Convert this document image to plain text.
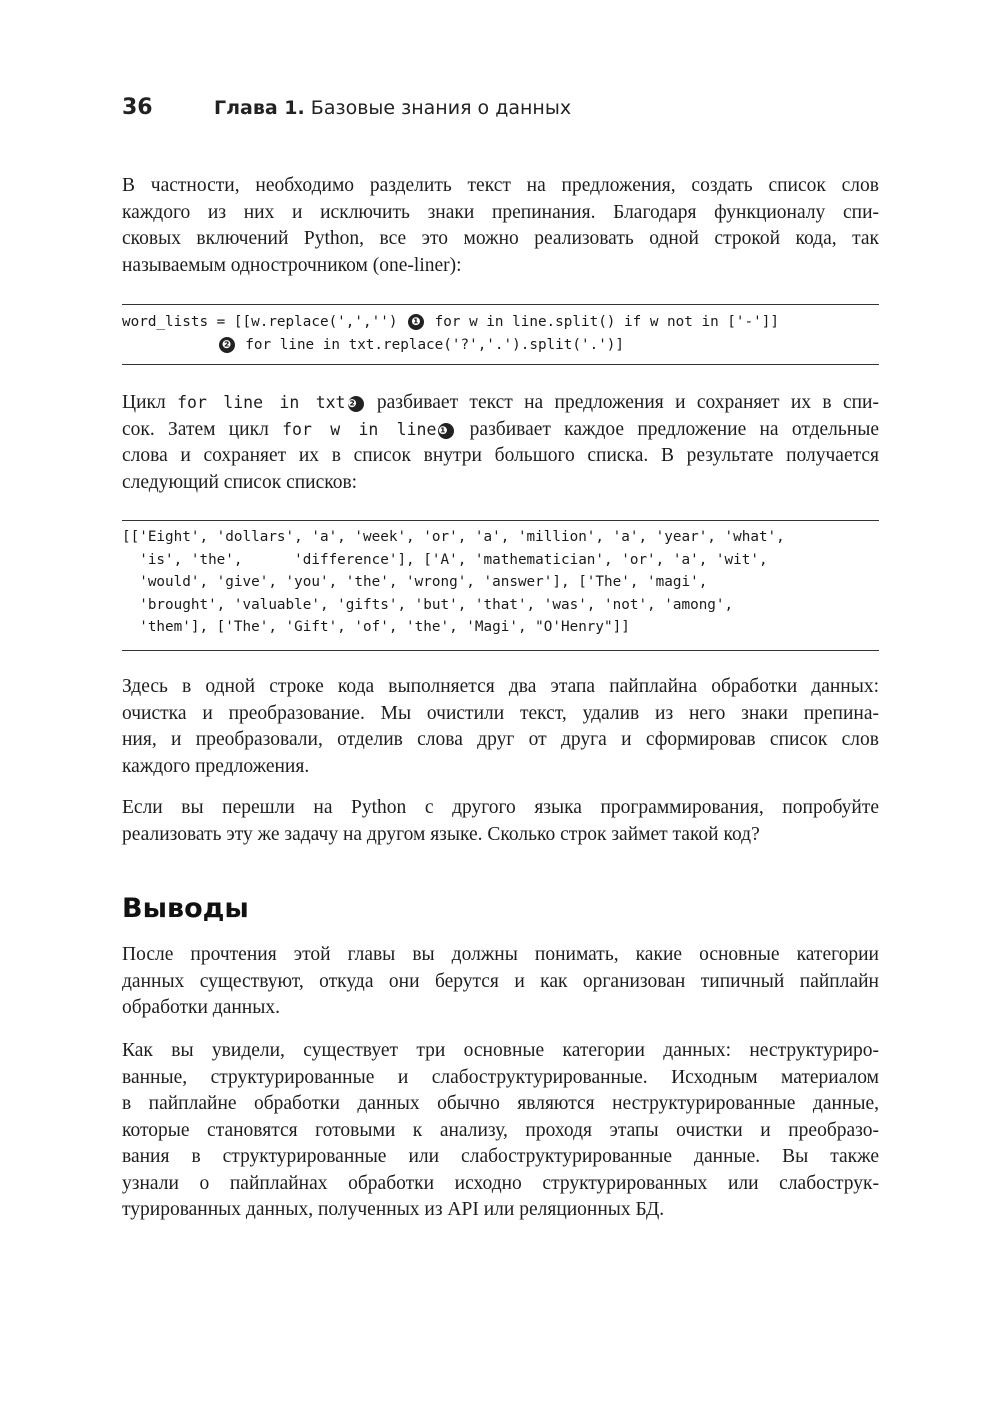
36	Глава 1. Базовые знания о данных

В частности, необходимо разделить текст на предложения, создать список слов
каждого из них и исключить знаки препинания. Благодаря функционалу спи-
сковых включений Python, все это можно реализовать одной строкой кода, так
называемым однострочником (one-liner):

word_lists = [[w.replace(',','') ❶ for w in line.split() if w not in ['-']]
❷ for line in txt.replace('?','.').split('.')]

Цикл for line in txt ❷ разбивает текст на предложения и сохраняет их в спи-
сок. Затем цикл for w in line ❶ разбивает каждое предложение на отдельные
слова и сохраняет их в список внутри большого списка. В результате получается
следующий список списков:

[['Eight', 'dollars', 'a', 'week', 'or', 'a', 'million', 'a', 'year', 'what',
'is', 'the',      'difference'], ['A', 'mathematician', 'or', 'a', 'wit',
'would', 'give', 'you', 'the', 'wrong', 'answer'], ['The', 'magi',
'brought', 'valuable', 'gifts', 'but', 'that', 'was', 'not', 'among',
'them'], ['The', 'Gift', 'of', 'the', 'Magi', "O'Henry"]]

Здесь в одной строке кода выполняется два этапа пайплайна обработки данных:
очистка и преобразование. Мы очистили текст, удалив из него знаки препина-
ния, и преобразовали, отделив слова друг от друга и сформировав список слов
каждого предложения.

Если вы перешли на Python с другого языка программирования, попробуйте
реализовать эту же задачу на другом языке. Сколько строк займет такой код?

Выводы

После прочтения этой главы вы должны понимать, какие основные категории
данных существуют, откуда они берутся и как организован типичный пайплайн
обработки данных.

Как вы увидели, существует три основные категории данных: неструктуриро-
ванные, структурированные и слабоструктурированные. Исходным материалом
в пайплайне обработки данных обычно являются неструктурированные данные,
которые становятся готовыми к анализу, проходя этапы очистки и преобразо-
вания в структурированные или слабоструктурированные данные. Вы также
узнали о пайплайнах обработки исходно структурированных или слабострук-
турированных данных, полученных из API или реляционных БД.
